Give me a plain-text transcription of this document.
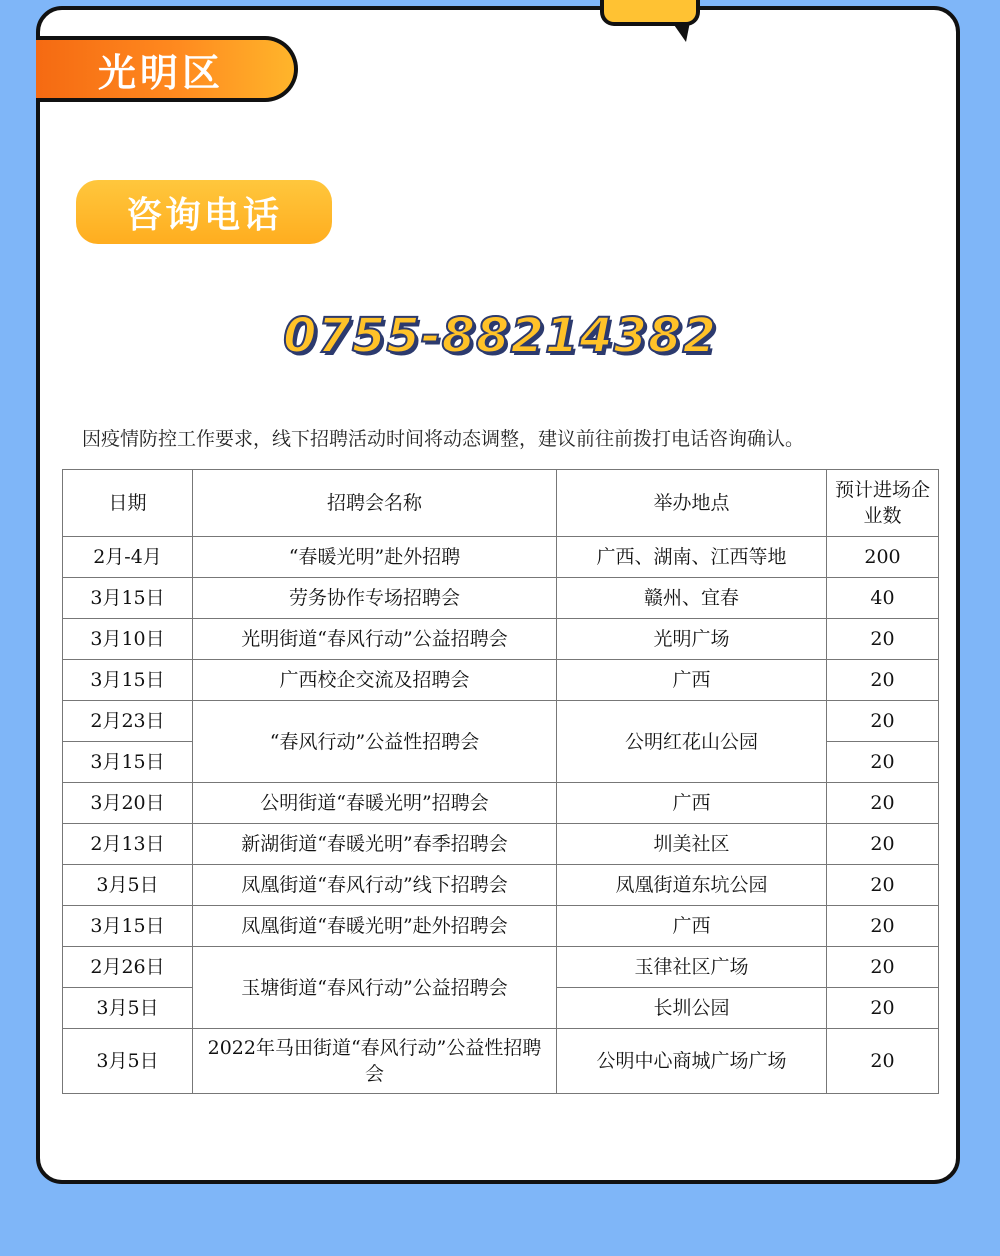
光明区
咨询电话
0755-88214382
因疫情防控工作要求，线下招聘活动时间将动态调整，建议前往前拨打电话咨询确认。
日期	招聘会名称	举办地点	预计进场企业数
2月-4月	“春暖光明”赴外招聘	广西、湖南、江西等地	200
3月15日	劳务协作专场招聘会	赣州、宜春	40
3月10日	光明街道“春风行动”公益招聘会	光明广场	20
3月15日	广西校企交流及招聘会	广西	20
2月23日	“春风行动”公益性招聘会	公明红花山公园	20
3月15日			20
3月20日	公明街道“春暖光明”招聘会	广西	20
2月13日	新湖街道“春暖光明”春季招聘会	圳美社区	20
3月5日	凤凰街道“春风行动”线下招聘会	凤凰街道东坑公园	20
3月15日	凤凰街道“春暖光明”赴外招聘会	广西	20
2月26日	玉塘街道“春风行动”公益招聘会	玉律社区广场	20
3月5日		长圳公园	20
3月5日	2022年马田街道“春风行动”公益性招聘会	公明中心商城广场广场	20
